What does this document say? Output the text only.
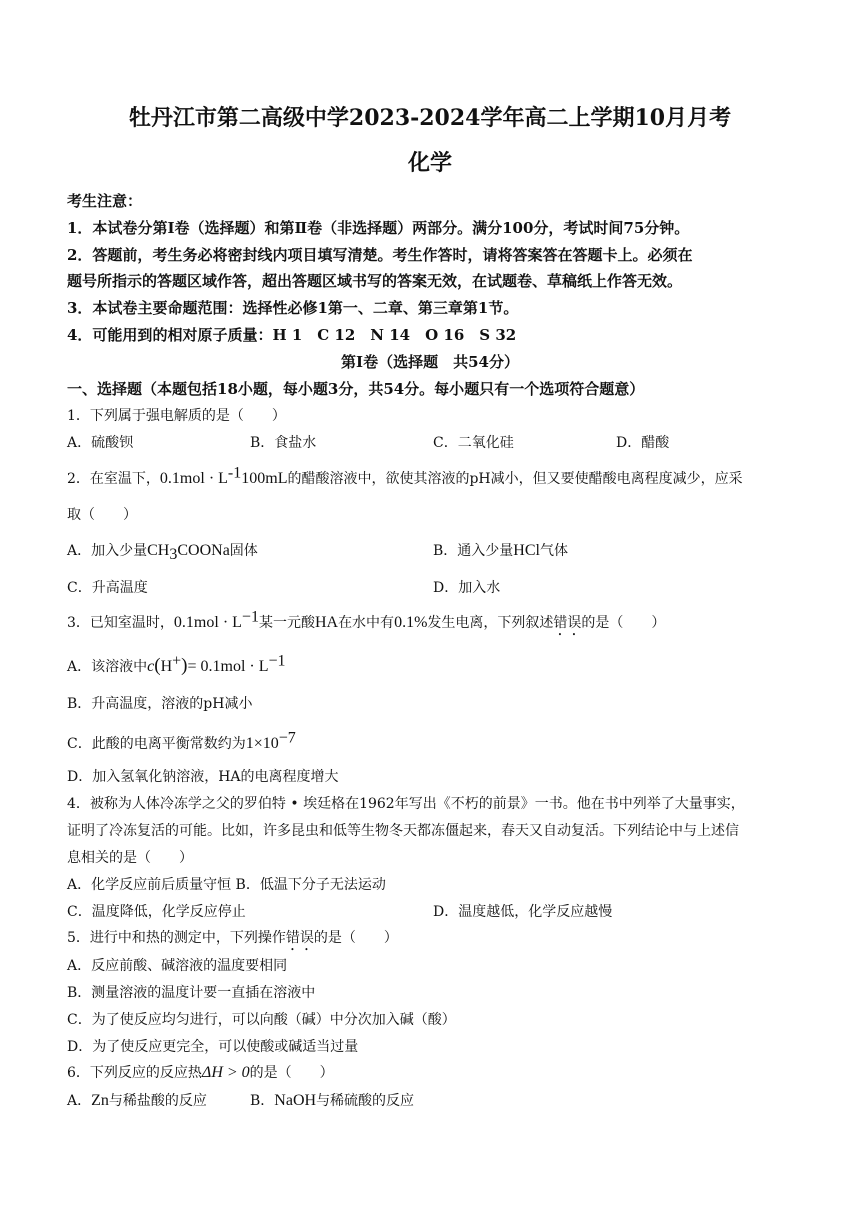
牡丹江市第二高级中学2023-2024学年高二上学期10月月考
化学
考生注意：
1．本试卷分第Ⅰ卷（选择题）和第Ⅱ卷（非选择题）两部分。满分100分，考试时间75分钟。
2．答题前，考生务必将密封线内项目填写清楚。考生作答时，请将答案答在答题卡上。必须在
题号所指示的答题区域作答，超出答题区域书写的答案无效，在试题卷、草稿纸上作答无效。
3．本试卷主要命题范围：选择性必修1第一、二章、第三章第1节。
4．可能用到的相对原子质量：H 1　C 12　N 14　O 16　S 32
第Ⅰ卷（选择题　共54分）
一、选择题（本题包括18小题，每小题3分，共54分。每小题只有一个选项符合题意）
1．下列属于强电解质的是（　　）
A．硫酸钡	B．食盐水	C．二氧化硅	D．醋酸
2．在室温下，$0.1mol \cdot L^{-1}100mL$的醋酸溶液中，欲使其溶液的pH减小，但又要使醋酸电离程度减少，应采
取（　　）
A．加入少量$CH_3COONa$固体	B．通入少量HCl气体
C．升高温度	D．加入水
3．已知室温时，$0.1mol \cdot L^{-1}$某一元酸HA在水中有0.1%发生电离，下列叙述错误的是（　　）
A．该溶液中$c(H^+)= 0.1mol \cdot L^{-1}$
B．升高温度，溶液的pH减小
C．此酸的电离平衡常数约为$1\times 10^{-7}$
D．加入氢氧化钠溶液，HA的电离程度增大
4．被称为人体冷冻学之父的罗伯特 • 埃廷格在1962年写出《不朽的前景》一书。他在书中列举了大量事实，
证明了冷冻复活的可能。比如，许多昆虫和低等生物冬天都冻僵起来，春天又自动复活。下列结论中与上述信
息相关的是（　　）
A．化学反应前后质量守恒 B．低温下分子无法运动
C．温度降低，化学反应停止	D．温度越低，化学反应越慢
5．进行中和热的测定中，下列操作错误的是（　　）
A．反应前酸、碱溶液的温度要相同
B．测量溶液的温度计要一直插在溶液中
C．为了使反应均匀进行，可以向酸（碱）中分次加入碱（酸）
D．为了使反应更完全，可以使酸或碱适当过量
6．下列反应的反应热ΔH > 0的是（　　）
A．Zn与稀盐酸的反应	B．NaOH与稀硫酸的反应
